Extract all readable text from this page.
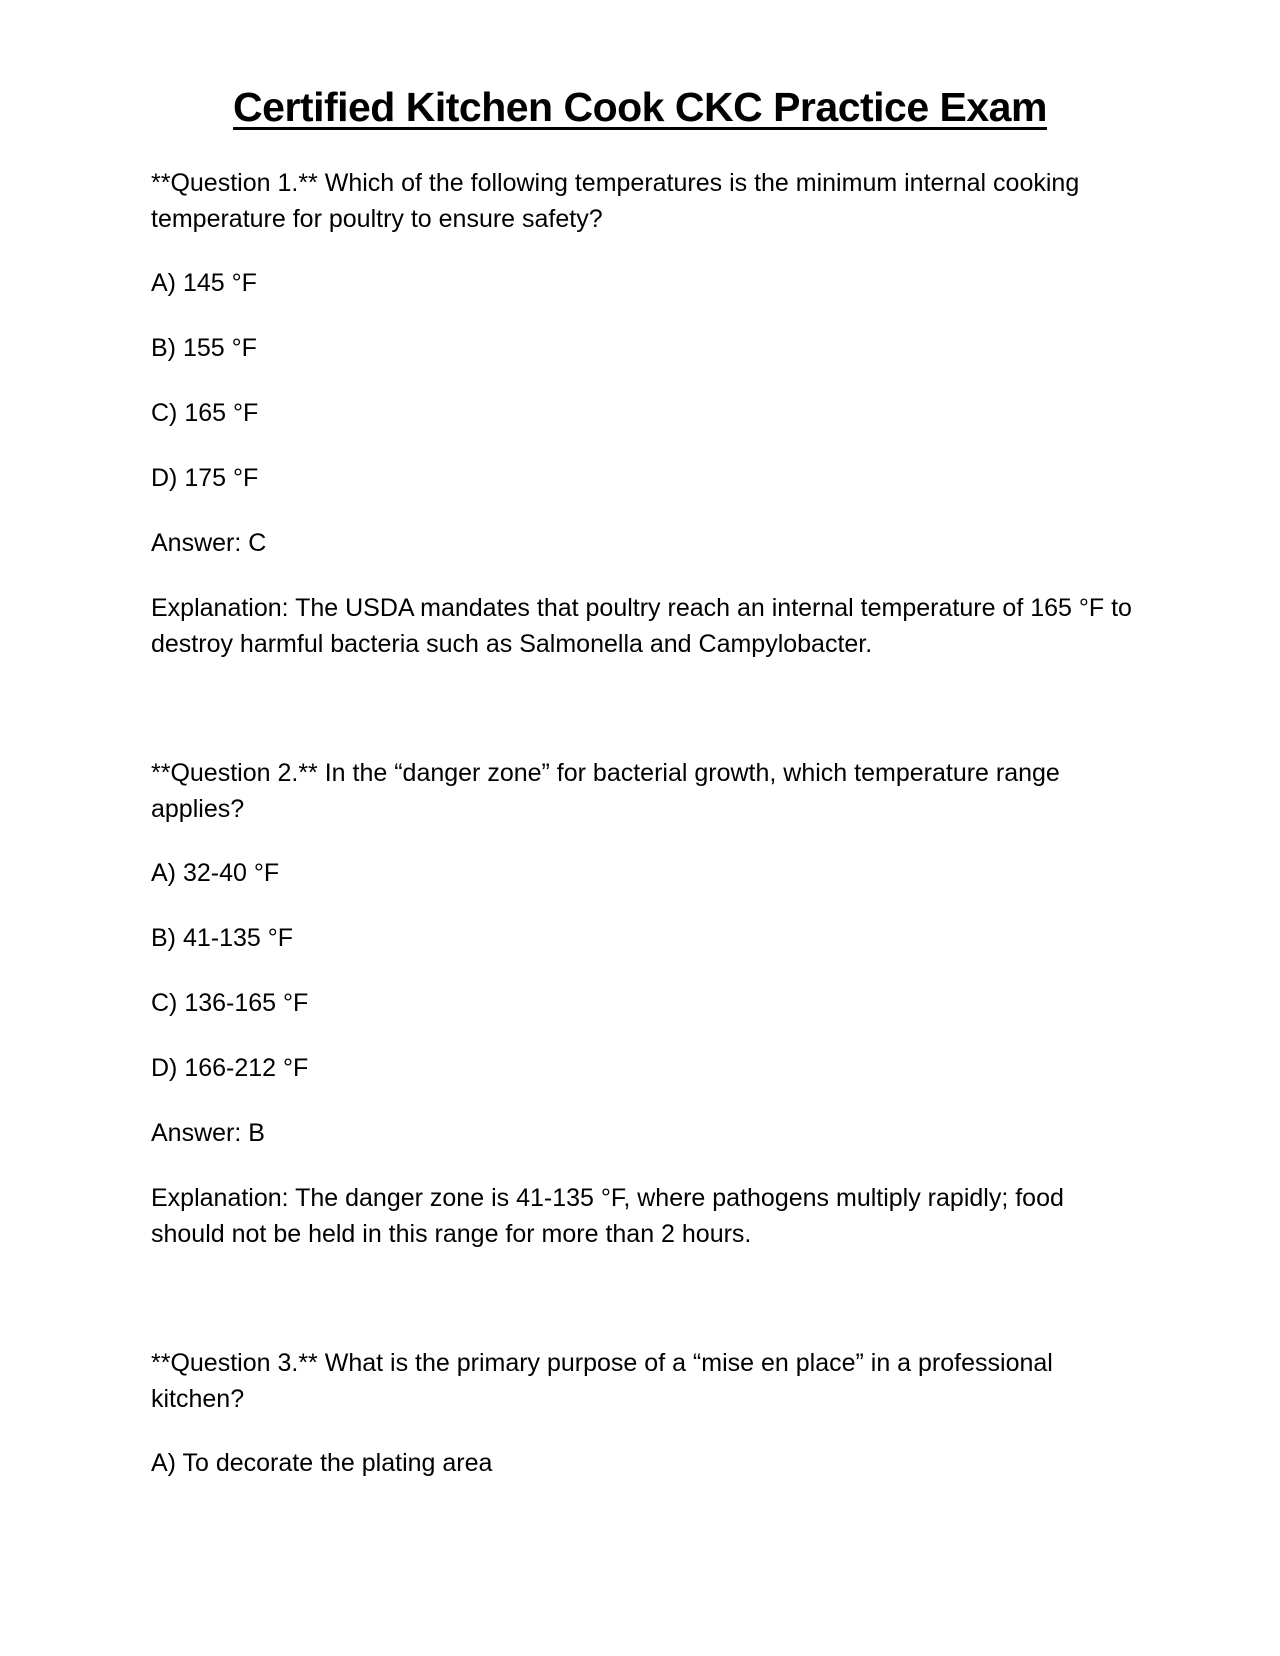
Certified Kitchen Cook CKC Practice Exam
**Question 1.** Which of the following temperatures is the minimum internal cooking temperature for poultry to ensure safety?
A) 145 °F
B) 155 °F
C) 165 °F
D) 175 °F
Answer: C
Explanation: The USDA mandates that poultry reach an internal temperature of 165 °F to destroy harmful bacteria such as Salmonella and Campylobacter.
**Question 2.** In the “danger zone” for bacterial growth, which temperature range applies?
A) 32-40 °F
B) 41-135 °F
C) 136-165 °F
D) 166-212 °F
Answer: B
Explanation: The danger zone is 41-135 °F, where pathogens multiply rapidly; food should not be held in this range for more than 2 hours.
**Question 3.** What is the primary purpose of a “mise en place” in a professional kitchen?
A) To decorate the plating area
